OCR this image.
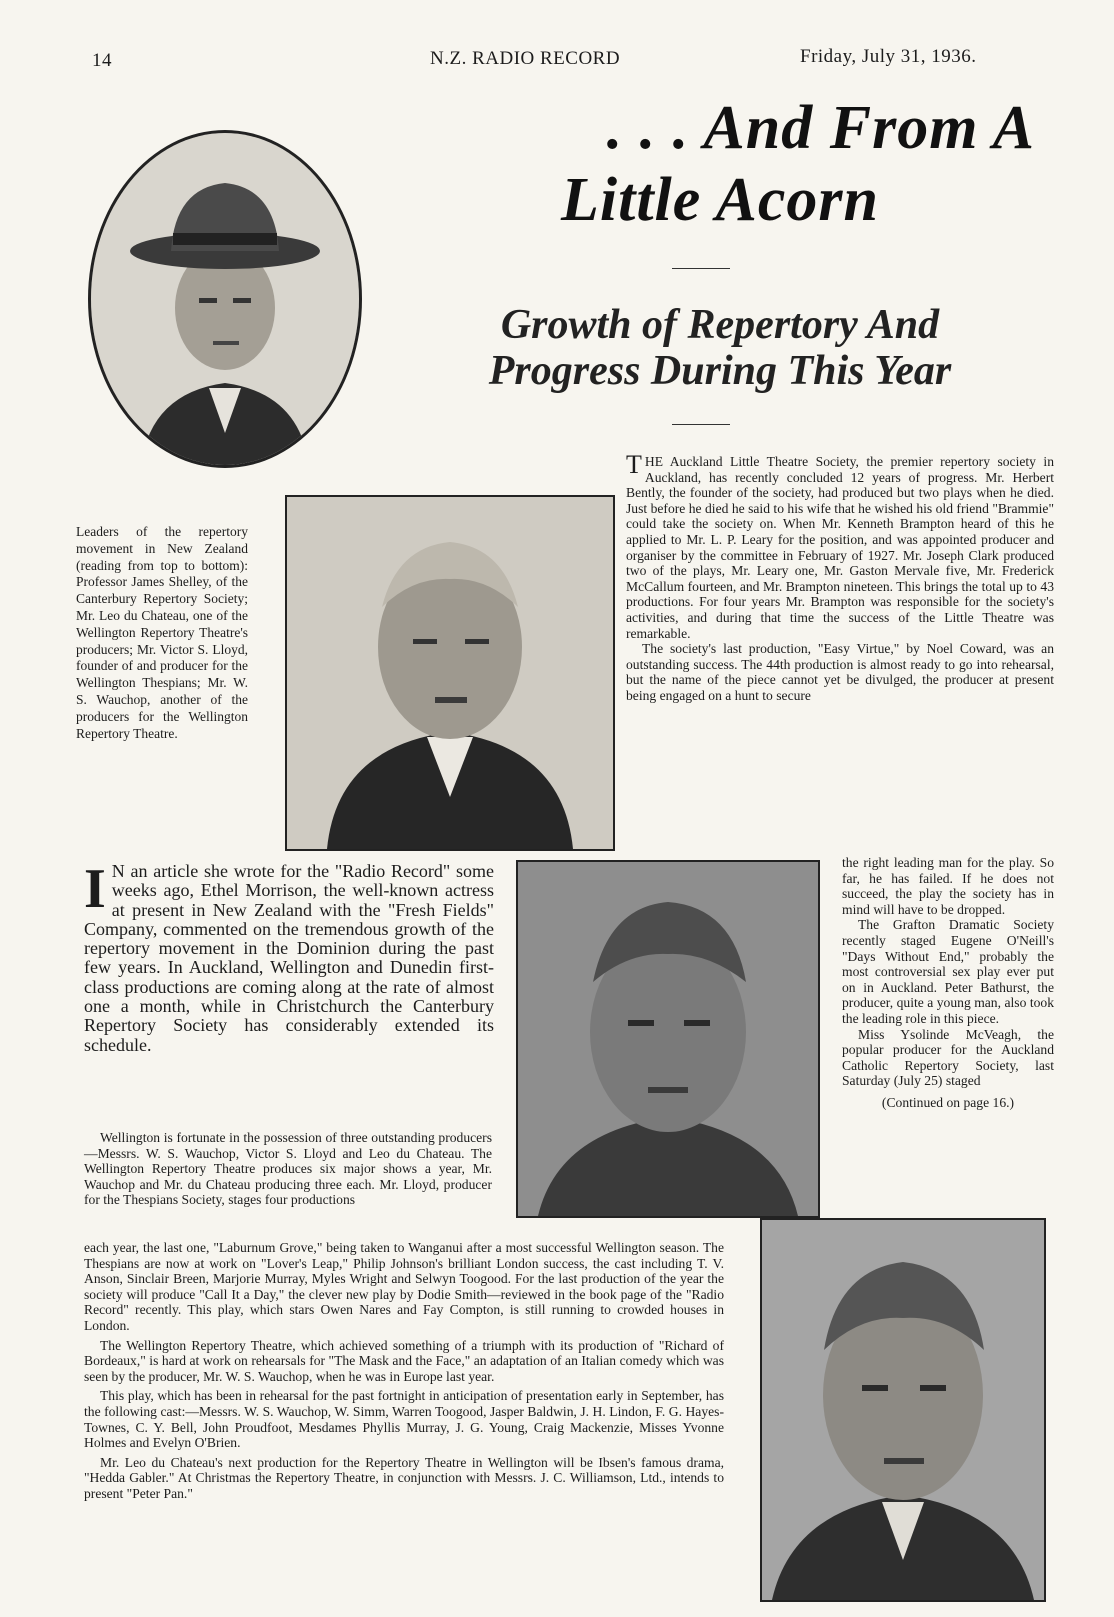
14	N.Z. RADIO RECORD	Friday, July 31, 1936.
. . . And From A
Little Acorn
Growth of Repertory And
Progress During This Year
Leaders of the repertory movement in New Zealand (reading from top to bottom): Professor James Shelley, of the Canterbury Repertory Society; Mr. Leo du Chateau, one of the Wellington Repertory Theatre's producers; Mr. Victor S. Lloyd, founder of and producer for the Wellington Thespians; Mr. W. S. Wauchop, another of the producers for the Wellington Repertory Theatre.

THE Auckland Little Theatre Society, the premier repertory society in Auckland, has recently concluded 12 years of progress. Mr. Herbert Bently, the founder of the society, had produced but two plays when he died. Just before he died he said to his wife that he wished his old friend "Brammie" could take the society on. When Mr. Kenneth Brampton heard of this he applied to Mr. L. P. Leary for the position, and was appointed producer and organiser by the committee in February of 1927. Mr. Joseph Clark produced two of the plays, Mr. Leary one, Mr. Gaston Mervale five, Mr. Frederick McCallum fourteen, and Mr. Brampton nineteen. This brings the total up to 43 productions. For four years Mr. Brampton was responsible for the society's activities, and during that time the success of the Little Theatre was remarkable.

The society's last production, "Easy Virtue," by Noel Coward, was an outstanding success. The 44th production is almost ready to go into rehearsal, but the name of the piece cannot yet be divulged, the producer at present being engaged on a hunt to secure

the right leading man for the play. So far, he has failed. If he does not succeed, the play the society has in mind will have to be dropped.

The Grafton Dramatic Society recently staged Eugene O'Neill's "Days Without End," probably the most controversial sex play ever put on in Auckland. Peter Bathurst, the producer, quite a young man, also took the leading role in this piece.

Miss Ysolinde McVeagh, the popular producer for the Auckland Catholic Repertory Society, last Saturday (July 25) staged

(Continued on page 16.)

I N an article she wrote for the "Radio Record" some weeks ago, Ethel Morrison, the well-known actress at present in New Zealand with the "Fresh Fields" Company, commented on the tremendous growth of the repertory movement in the Dominion during the past few years. In Auckland, Wellington and Dunedin first-class productions are coming along at the rate of almost one a month, while in Christchurch the Canterbury Repertory Society has considerably extended its schedule.

Wellington is fortunate in the possession of three outstanding producers—Messrs. W. S. Wauchop, Victor S. Lloyd and Leo du Chateau. The Wellington Repertory Theatre produces six major shows a year, Mr. Wauchop and Mr. du Chateau producing three each. Mr. Lloyd, producer for the Thespians Society, stages four productions

each year, the last one, "Laburnum Grove," being taken to Wanganui after a most successful Wellington season. The Thespians are now at work on "Lover's Leap," Philip Johnson's brilliant London success, the cast including T. V. Anson, Sinclair Breen, Marjorie Murray, Myles Wright and Selwyn Toogood. For the last production of the year the society will produce "Call It a Day," the clever new play by Dodie Smith—reviewed in the book page of the "Radio Record" recently. This play, which stars Owen Nares and Fay Compton, is still running to crowded houses in London.

The Wellington Repertory Theatre, which achieved something of a triumph with its production of "Richard of Bordeaux," is hard at work on rehearsals for "The Mask and the Face," an adaptation of an Italian comedy which was seen by the producer, Mr. W. S. Wauchop, when he was in Europe last year.

This play, which has been in rehearsal for the past fortnight in anticipation of presentation early in September, has the following cast:—Messrs. W. S. Wauchop, W. Simm, Warren Toogood, Jasper Baldwin, J. H. Lindon, F. G. Hayes-Townes, C. Y. Bell, John Proudfoot, Mesdames Phyllis Murray, J. G. Young, Craig Mackenzie, Misses Yvonne Holmes and Evelyn O'Brien.

Mr. Leo du Chateau's next production for the Repertory Theatre in Wellington will be Ibsen's famous drama, "Hedda Gabler." At Christmas the Repertory Theatre, in conjunction with Messrs. J. C. Williamson, Ltd., intends to present "Peter Pan."
